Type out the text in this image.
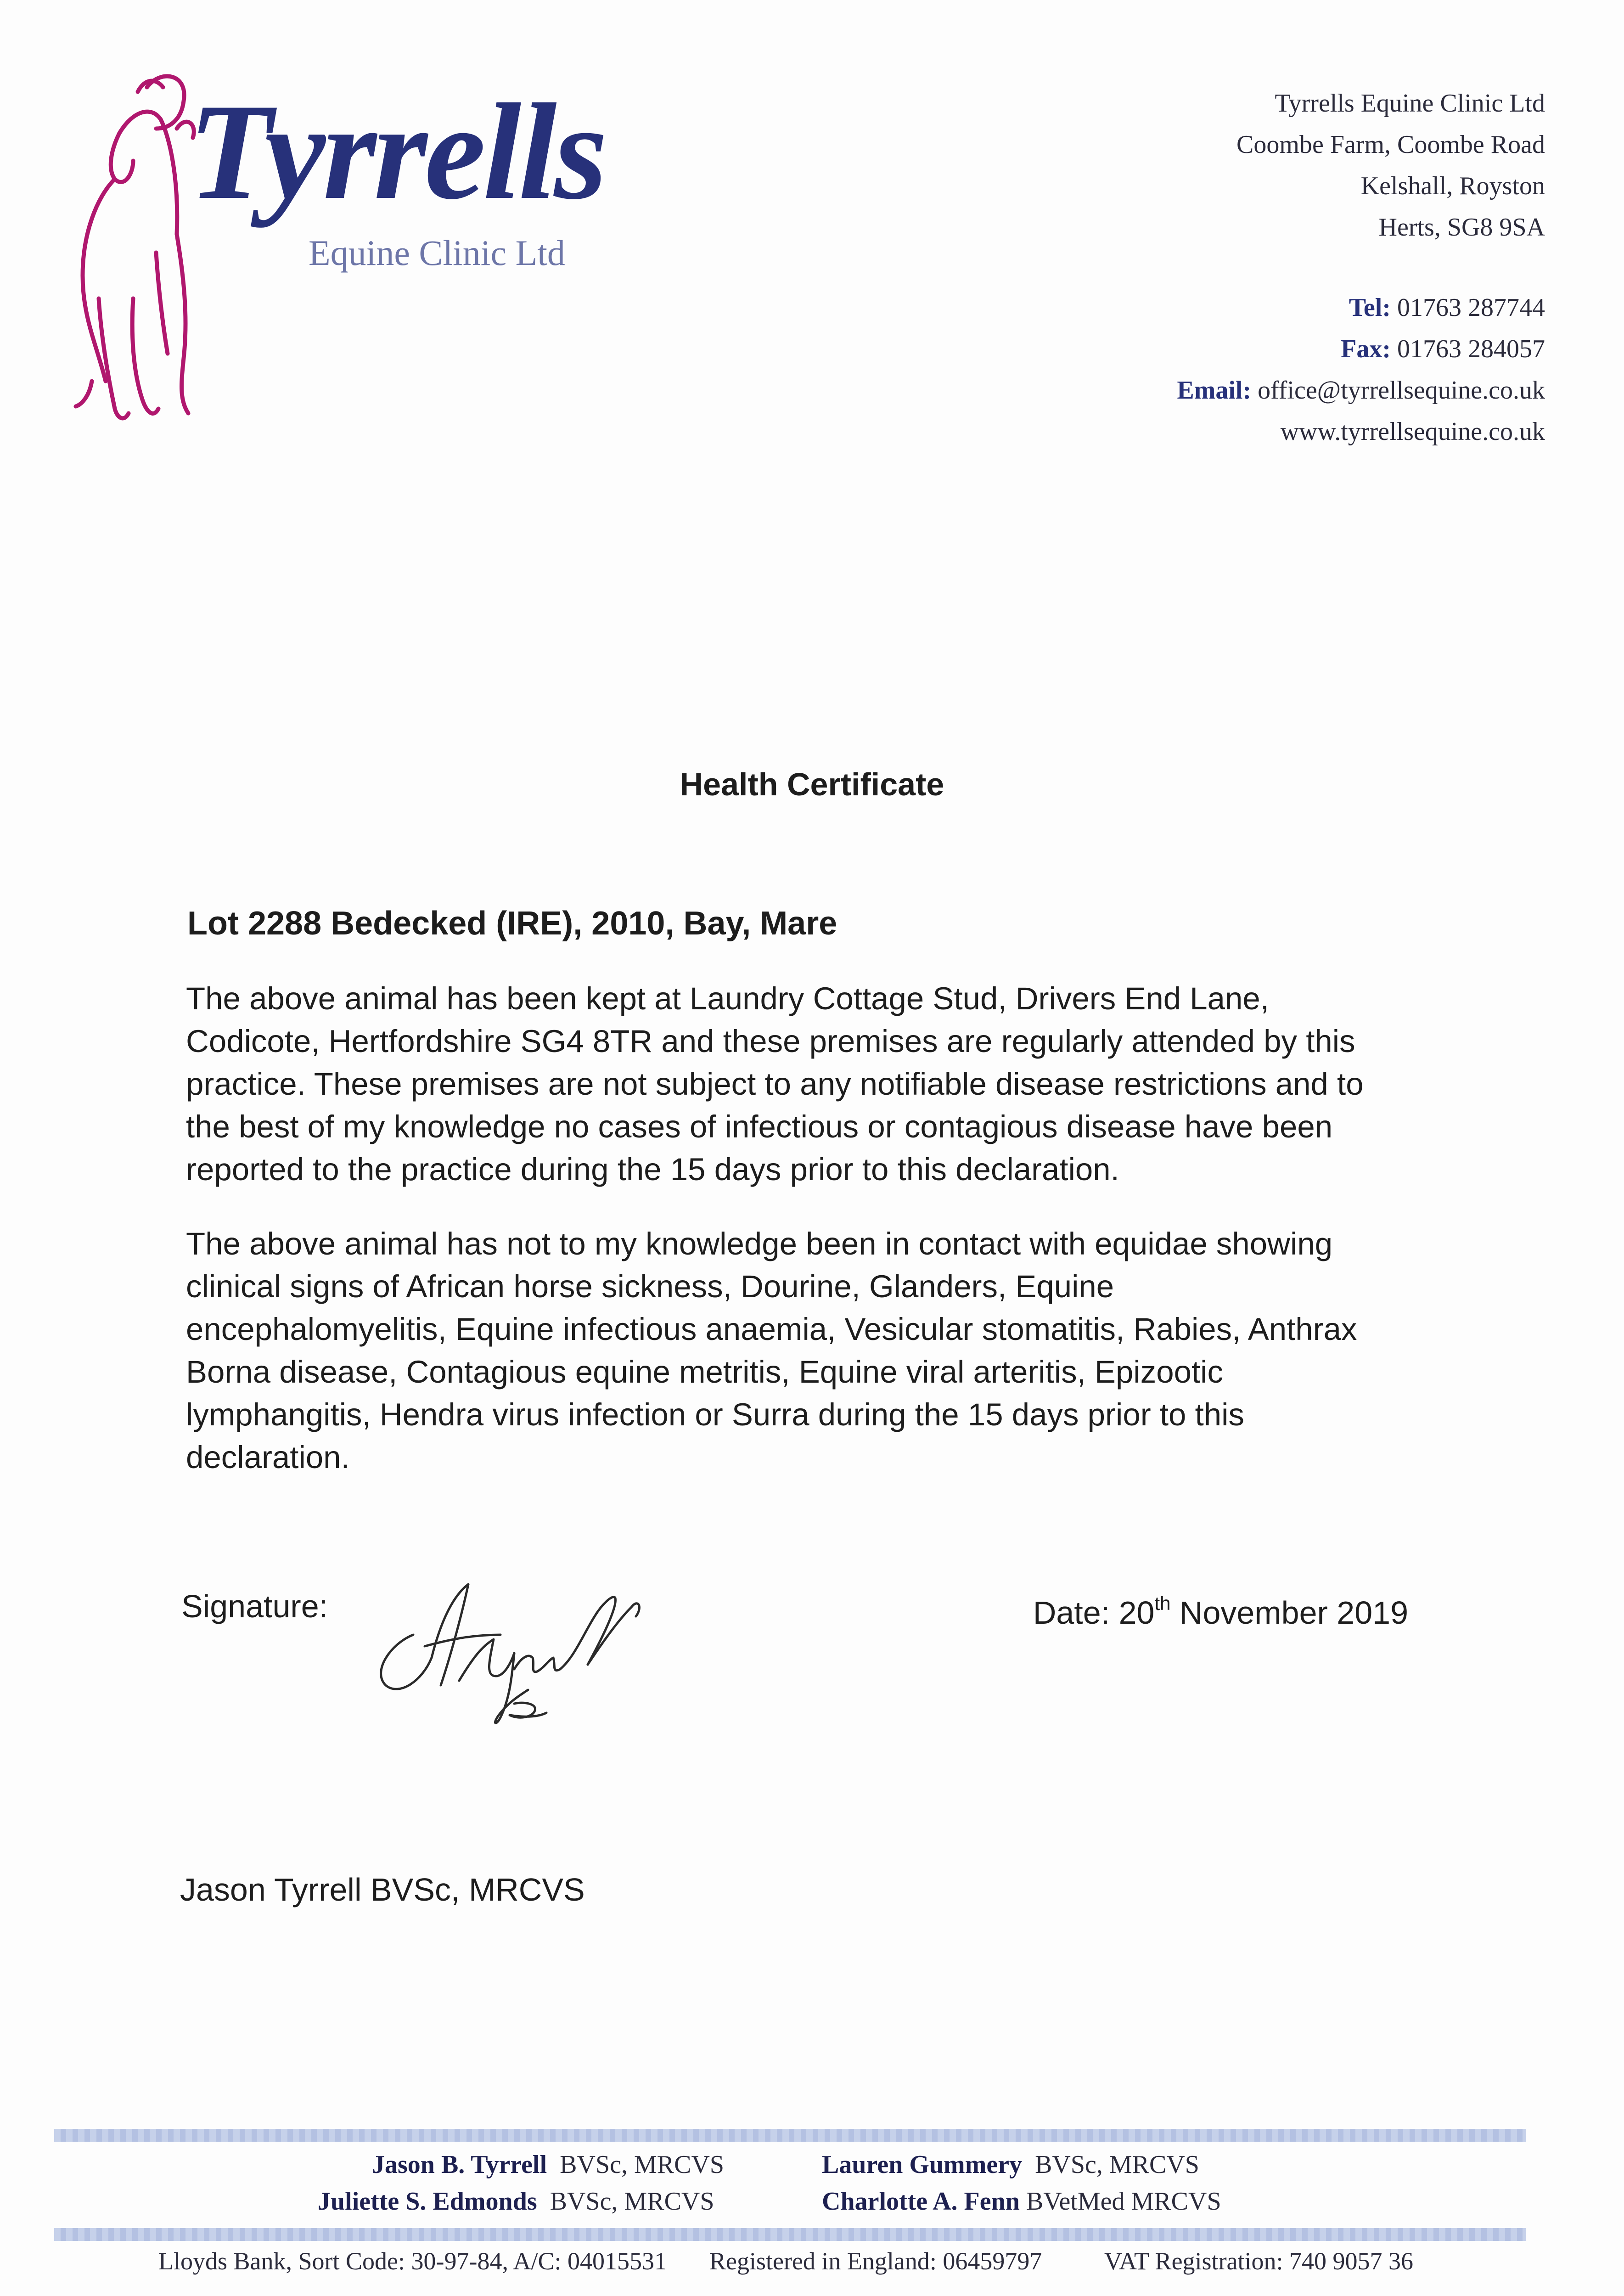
Tyrrells
Equine Clinic Ltd
Tyrrells Equine Clinic Ltd
Coombe Farm, Coombe Road
Kelshall, Royston
Herts, SG8 9SA
Tel: 01763 287744
Fax: 01763 284057
Email: office@tyrrellsequine.co.uk
www.tyrrellsequine.co.uk
Health Certificate
Lot 2288 Bedecked (IRE), 2010, Bay, Mare

The above animal has been kept at Laundry Cottage Stud, Drivers End Lane,
Codicote, Hertfordshire SG4 8TR and these premises are regularly attended by this
practice. These premises are not subject to any notifiable disease restrictions and to
the best of my knowledge no cases of infectious or contagious disease have been
reported to the practice during the 15 days prior to this declaration.

The above animal has not to my knowledge been in contact with equidae showing
clinical signs of African horse sickness, Dourine, Glanders, Equine
encephalomyelitis, Equine infectious anaemia, Vesicular stomatitis, Rabies, Anthrax
Borna disease, Contagious equine metritis, Equine viral arteritis, Epizootic
lymphangitis, Hendra virus infection or Surra during the 15 days prior to this
declaration.

Signature:	Date: 20th November 2019
Jason Tyrrell BVSc, MRCVS
Jason B. Tyrrell BVSc, MRCVS	Lauren Gummery BVSc, MRCVS
Juliette S. Edmonds BVSc, MRCVS	Charlotte A. Fenn BVetMed MRCVS
Lloyds Bank, Sort Code: 30-97-84, A/C: 04015531 Registered in England: 06459797	VAT Registration: 740 9057 36
